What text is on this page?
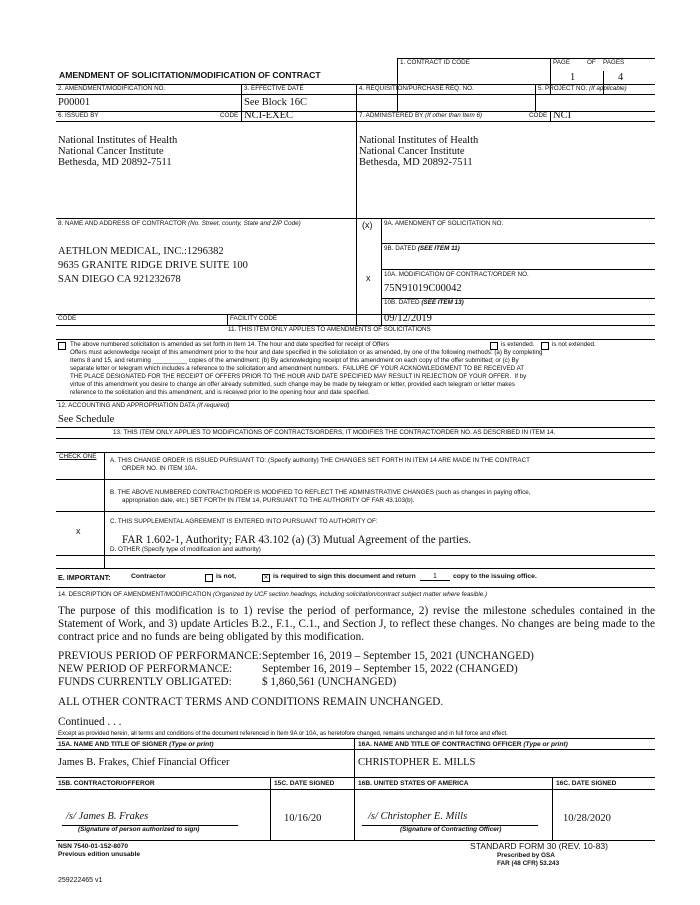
1. CONTRACT ID CODE	PAGE	OF PAGES
1	4
AMENDMENT OF SOLICITATION/MODIFICATION OF CONTRACT
2. AMENDMENT/MODIFICATION NO.
P00001
3. EFFECTIVE DATE
See Block 16C
4. REQUISITION/PURCHASE REQ. NO.	5. PROJECT NO. (If applicable)
6. ISSUED BY	CODE NCI-EXEC	7. ADMINISTERED BY (If other than Item 6)	CODE NCI
National Institutes of Health
National Cancer Institute
Bethesda, MD 20892-7511
National Institutes of Health
National Cancer Institute
Bethesda, MD 20892-7511
8. NAME AND ADDRESS OF CONTRACTOR (No. Street, county, State and ZIP Code)
AETHLON MEDICAL, INC.:1296382
9635 GRANITE RIDGE DRIVE SUITE 100
SAN DIEGO CA 921232678
CODE	FACILITY CODE
(x) 9A. AMENDMENT OF SOLICITATION NO.
9B. DATED (SEE ITEM 11)
x 10A. MODIFICATION OF CONTRACT/ORDER NO.
75N91019C00042
10B. DATED (SEE ITEM 13)
09/12/2019
11. THIS ITEM ONLY APPLIES TO AMENDMENTS OF SOLICITATIONS
The above numbered solicitation is amended as set forth in Item 14. The hour and date specified for receipt of Offers	is extended.	is not extended.
Offers must acknowledge receipt of this amendment prior to the hour and date specified in the solicitation or as amended, by one of the following methods: (a) By completing
Items 8 and 15, and returning __________ copies of the amendment; (b) By acknowledging receipt of this amendment on each copy of the offer submitted; or (c) By
separate letter or telegram which includes a reference to the solicitation and amendment numbers.  FAILURE OF YOUR ACKNOWLEDGMENT TO BE RECEIVED AT
THE PLACE DESIGNATED FOR THE RECEIPT OF OFFERS PRIOR TO THE HOUR AND DATE SPECIFIED MAY RESULT IN REJECTION OF YOUR OFFER.  If by
virtue of this amendment you desire to change an offer already submitted, such change may be made by telegram or letter, provided each telegram or letter makes
reference to the solicitation and this amendment, and is received prior to the opening hour and date specified.
12. ACCOUNTING AND APPROPRIATION DATA (If required)
See Schedule
13. THIS ITEM ONLY APPLIES TO MODIFICATIONS OF CONTRACTS/ORDERS, IT MODIFIES THE CONTRACT/ORDER NO. AS DESCRIBED IN ITEM 14.
CHECK ONE
A. THIS CHANGE ORDER IS ISSUED PURSUANT TO: (Specify authority) THE CHANGES SET FORTH IN ITEM 14 ARE MADE IN THE CONTRACT
ORDER NO. IN ITEM 10A.
B. THE ABOVE NUMBERED CONTRACT/ORDER IS MODIFIED TO REFLECT THE ADMINISTRATIVE CHANGES (such as changes in paying office,
appropriation date, etc.) SET FORTH IN ITEM 14, PURSUANT TO THE AUTHORITY OF FAR 43.103(b).
x
C. THIS SUPPLEMENTAL AGREEMENT IS ENTERED INTO PURSUANT TO AUTHORITY OF:
FAR 1.602-1, Authority; FAR 43.102 (a) (3) Mutual Agreement of the parties.
D. OTHER (Specify type of modification and authority)
E. IMPORTANT:	Contractor	is not,	✕ is required to sign this document and return	1	copy to the issuing office.
14. DESCRIPTION OF AMENDMENT/MODIFICATION (Organized by UCF section headings, including solicitation/contract subject matter where feasible.)
The purpose of this modification is to 1) revise the period of performance, 2) revise the milestone schedules contained in the Statement of Work, and 3) update Articles B.2., F.1., C.1., and Section J, to reflect these changes. No changes are being made to the contract price and no funds are being obligated by this modification.
PREVIOUS PERIOD OF PERFORMANCE: September 16, 2019 – September 15, 2021 (UNCHANGED)
NEW PERIOD OF PERFORMANCE:	September 16, 2019 – September 15, 2022 (CHANGED)
FUNDS CURRENTLY OBLIGATED:	$ 1,860,561 (UNCHANGED)
ALL OTHER CONTRACT TERMS AND CONDITIONS REMAIN UNCHANGED.
Continued . . .
Except as provided herein, all terms and conditions of the document referenced in Item 9A or 10A, as heretofore changed, remains unchanged and in full force and effect.
15A. NAME AND TITLE OF SIGNER (Type or print)
James B. Frakes, Chief Financial Officer
16A. NAME AND TITLE OF CONTRACTING OFFICER (Type or print)
CHRISTOPHER E. MILLS
15B. CONTRACTOR/OFFEROR	15C. DATE SIGNED	16B. UNITED STATES OF AMERICA	16C. DATE SIGNED
/s/ James B. Frakes
(Signature of person authorized to sign)
10/16/20	/s/ Christopher E. Mills
(Signature of Contracting Officer)
10/28/2020
NSN 7540-01-152-8070
Previous edition unusable
STANDARD FORM 30 (REV. 10-83)
Prescribed by GSA
FAR (48 CFR) 53.243
259222465 v1
